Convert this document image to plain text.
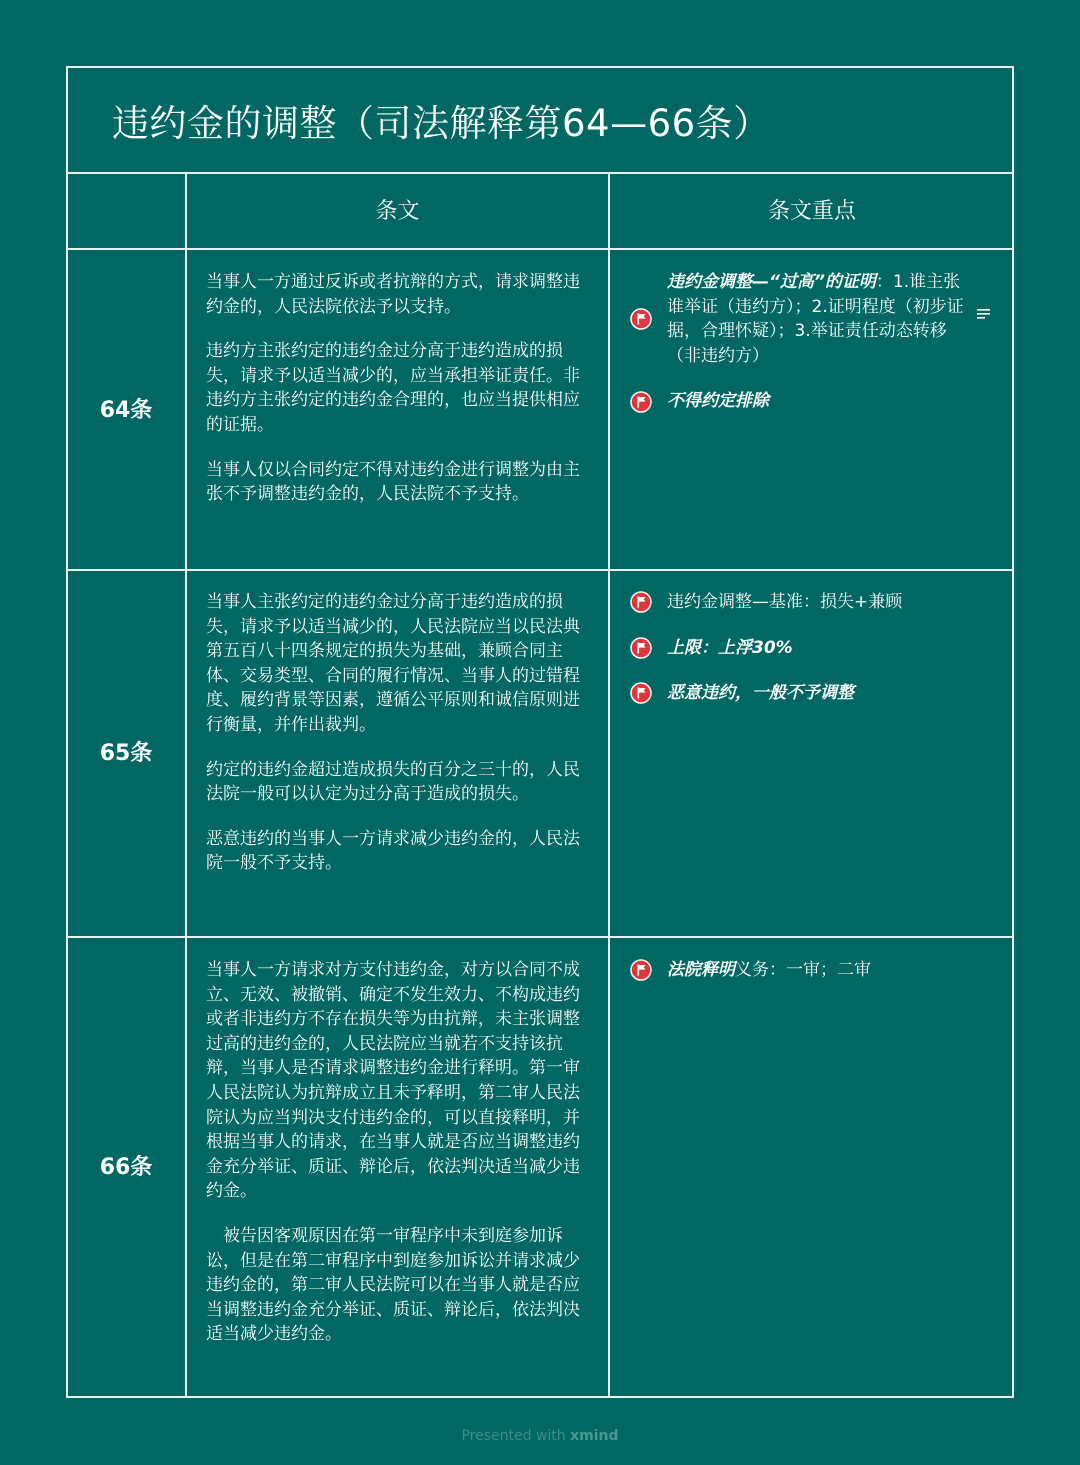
违约金的调整（司法解释第64—66条）
条文	条文重点
64条
65条
66条

当事人一方通过反诉或者抗辩的方式，请求调整违约金的，人民法院依法予以支持。

违约方主张约定的违约金过分高于违约造成的损失，请求予以适当减少的，应当承担举证责任。非违约方主张约定的违约金合理的，也应当提供相应的证据。

当事人仅以合同约定不得对违约金进行调整为由主张不予调整违约金的，人民法院不予支持。

当事人主张约定的违约金过分高于违约造成的损失，请求予以适当减少的，人民法院应当以民法典第五百八十四条规定的损失为基础，兼顾合同主体、交易类型、合同的履行情况、当事人的过错程度、履约背景等因素，遵循公平原则和诚信原则进行衡量，并作出裁判。

约定的违约金超过造成损失的百分之三十的，人民法院一般可以认定为过分高于造成的损失。

恶意违约的当事人一方请求减少违约金的，人民法院一般不予支持。

当事人一方请求对方支付违约金，对方以合同不成立、无效、被撤销、确定不发生效力、不构成违约或者非违约方不存在损失等为由抗辩，未主张调整过高的违约金的，人民法院应当就若不支持该抗辩，当事人是否请求调整违约金进行释明。第一审人民法院认为抗辩成立且未予释明，第二审人民法院认为应当判决支付违约金的，可以直接释明，并根据当事人的请求，在当事人就是否应当调整违约金充分举证、质证、辩论后，依法判决适当减少违约金。

被告因客观原因在第一审程序中未到庭参加诉讼，但是在第二审程序中到庭参加诉讼并请求减少违约金的，第二审人民法院可以在当事人就是否应当调整违约金充分举证、质证、辩论后，依法判决适当减少违约金。

违约金调整—“过高”的证明：1.谁主张谁举证（违约方）；2.证明程度（初步证据，合理怀疑）；3.举证责任动态转移（非违约方）
不得约定排除
违约金调整—基准：损失+兼顾
上限：上浮30%
恶意违约，一般不予调整
法院释明义务：一审；二审
Presented with xmind
